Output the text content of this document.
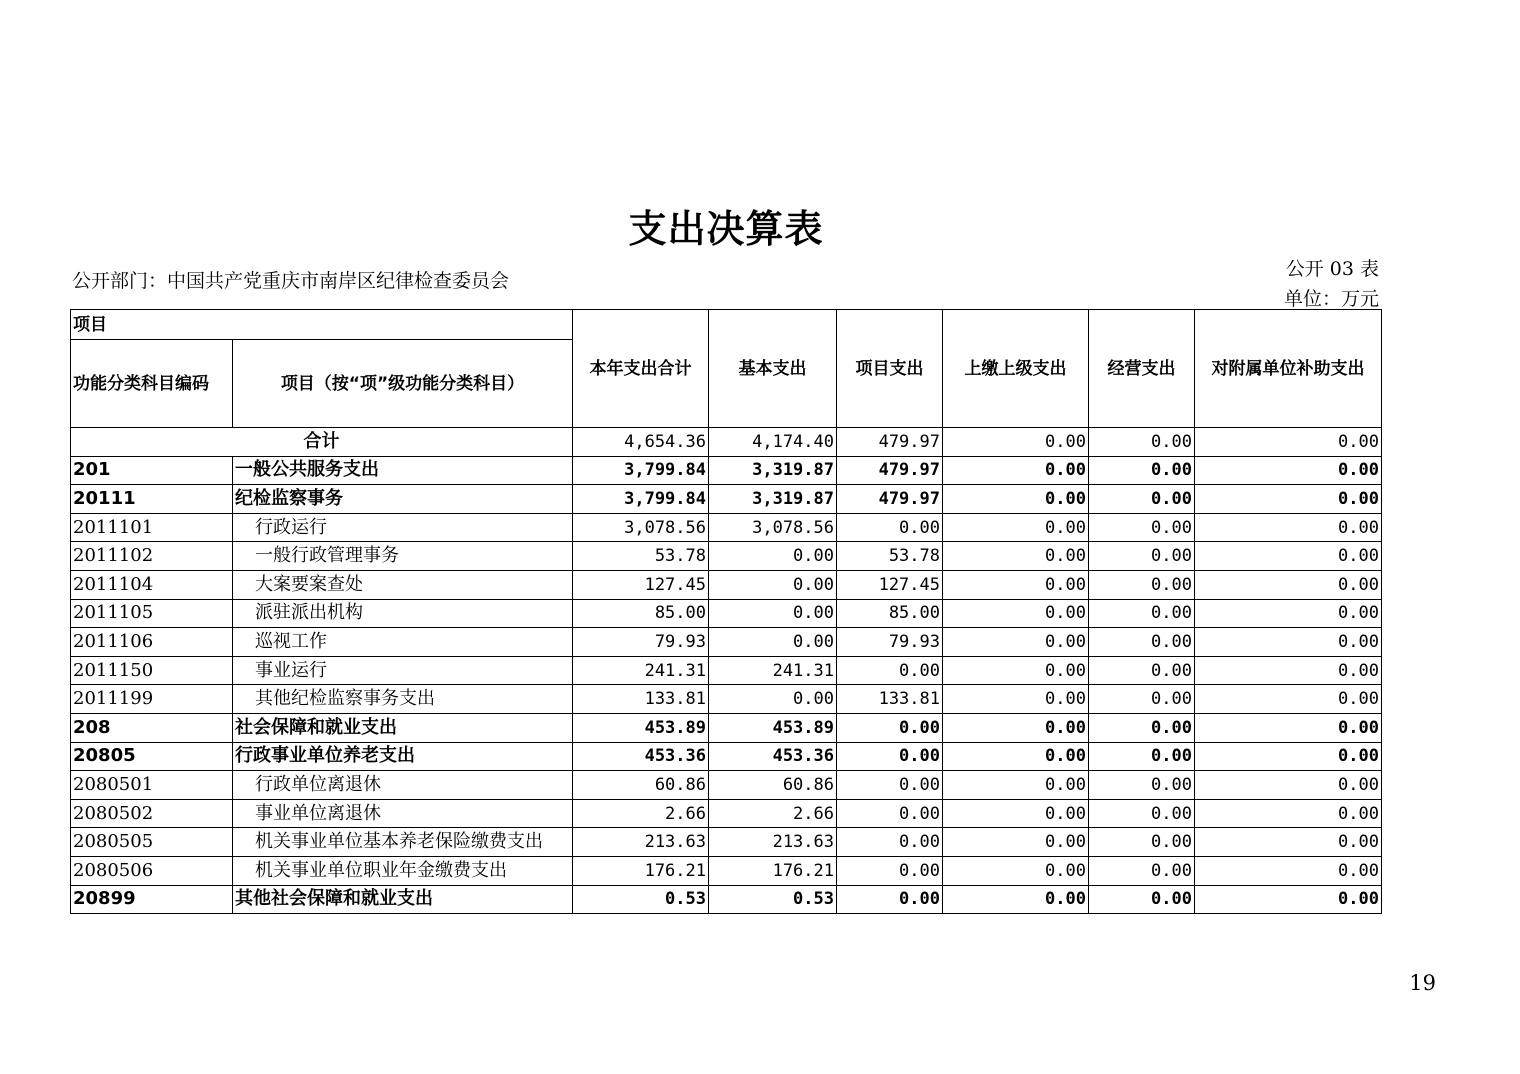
支出决算表
公开部门：中国共产党重庆市南岸区纪律检查委员会
公开 03 表
单位：万元
项目		本年支出合计	基本支出	项目支出	上缴上级支出	经营支出	对附属单位补助支出
功能分类科目编码	项目（按“项”级功能分类科目）						
合计		4,654.36	4,174.40	479.97	0.00	0.00	0.00
201	一般公共服务支出	3,799.84	3,319.87	479.97	0.00	0.00	0.00
20111	纪检监察事务	3,799.84	3,319.87	479.97	0.00	0.00	0.00
2011101	行政运行	3,078.56	3,078.56	0.00	0.00	0.00	0.00
2011102	一般行政管理事务	53.78	0.00	53.78	0.00	0.00	0.00
2011104	大案要案查处	127.45	0.00	127.45	0.00	0.00	0.00
2011105	派驻派出机构	85.00	0.00	85.00	0.00	0.00	0.00
2011106	巡视工作	79.93	0.00	79.93	0.00	0.00	0.00
2011150	事业运行	241.31	241.31	0.00	0.00	0.00	0.00
2011199	其他纪检监察事务支出	133.81	0.00	133.81	0.00	0.00	0.00
208	社会保障和就业支出	453.89	453.89	0.00	0.00	0.00	0.00
20805	行政事业单位养老支出	453.36	453.36	0.00	0.00	0.00	0.00
2080501	行政单位离退休	60.86	60.86	0.00	0.00	0.00	0.00
2080502	事业单位离退休	2.66	2.66	0.00	0.00	0.00	0.00
2080505	机关事业单位基本养老保险缴费支出	213.63	213.63	0.00	0.00	0.00	0.00
2080506	机关事业单位职业年金缴费支出	176.21	176.21	0.00	0.00	0.00	0.00
20899	其他社会保障和就业支出	0.53	0.53	0.00	0.00	0.00	0.00
19
